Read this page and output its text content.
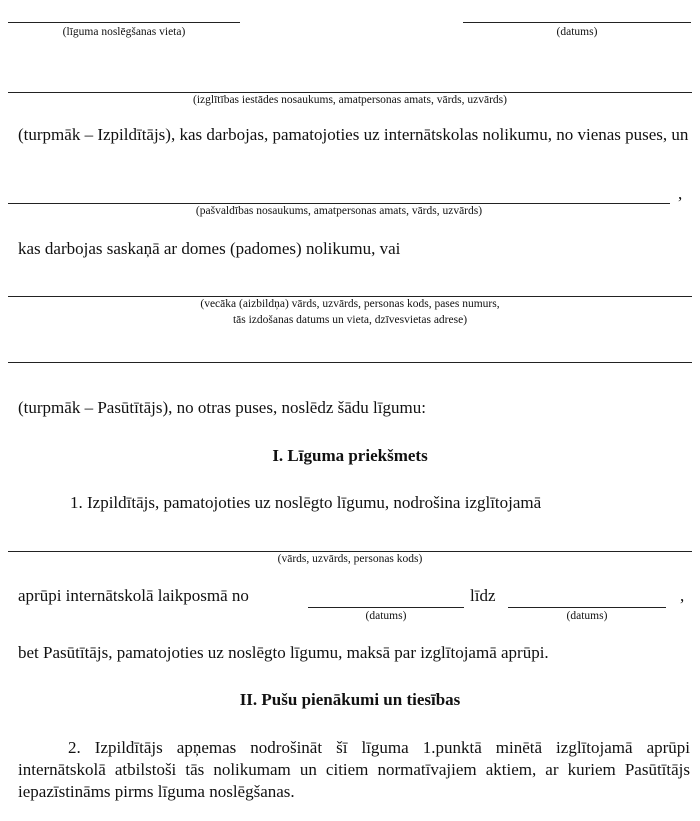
(līguma noslēgšanas vieta)	(datums)
(izglītības iestādes nosaukums, amatpersonas amats, vārds, uzvārds)
(turpmāk – Izpildītājs), kas darbojas, pamatojoties uz internātskolas nolikumu, no vienas puses, un
,
(pašvaldības nosaukums, amatpersonas amats, vārds, uzvārds)
kas darbojas saskaņā ar domes (padomes) nolikumu, vai
(vecāka (aizbildņa) vārds, uzvārds, personas kods, pases numurs,
tās izdošanas datums un vieta, dzīvesvietas adrese)
(turpmāk – Pasūtītājs), no otras puses, noslēdz šādu līgumu:
I. Līguma priekšmets
1. Izpildītājs, pamatojoties uz noslēgto līgumu, nodrošina izglītojamā
(vārds, uzvārds, personas kods)
aprūpi internātskolā laikposmā no
(datums)
līdz
(datums)
,
bet Pasūtītājs, pamatojoties uz noslēgto līgumu, maksā par izglītojamā aprūpi.
II. Pušu pienākumi un tiesības
2. Izpildītājs apņemas nodrošināt šī līguma 1.punktā minētā izglītojamā aprūpi internātskolā atbilstoši tās nolikumam un citiem normatīvajiem aktiem, ar kuriem Pasūtītājs iepazīstināms pirms līguma noslēgšanas.
